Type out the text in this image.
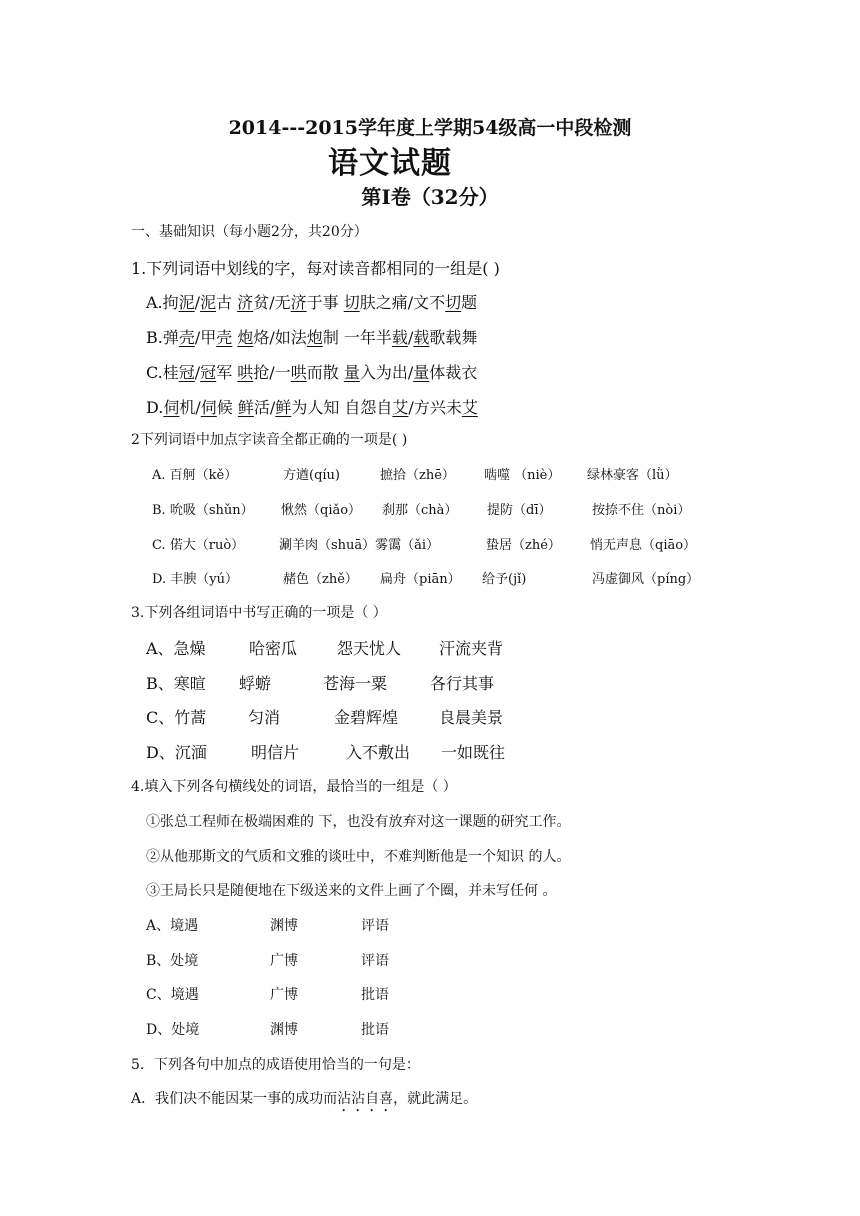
2014---2015学年度上学期54级高一中段检测
语文试题
第Ⅰ卷（32分）
一、基础知识（每小题2分，共20分）
1.下列词语中划线的字，每对读音都相同的一组是( )
A.拘泥/泥古 济贫/无济于事 切肤之痛/文不切题
B.弹壳/甲壳 炮烙/如法炮制 一年半载/载歌载舞
C.桂冠/冠军 哄抢/一哄而散 量入为出/量体裁衣
D.伺机/伺候 鲜活/鲜为人知 自怨自艾/方兴未艾
2下列词语中加点字读音全都正确的一项是( )
A. 百舸（kě）	方遒(qíu)	摭拾（zhē） 啮噬 （niè） 绿林豪客（lǜ）
B. 吮吸（shǔn） 愀然（qiǎo） 刹那（chà） 提防（dī）	按捺不住（nòi）
C. 偌大（ruò）	涮羊肉（shuā）雾霭（ǎi）	蛰居（zhé） 悄无声息（qiāo）
D. 丰腴（yú）	赭色（zhě） 扁舟（piān） 给予(jǐ)	冯虚御风（píng）
3.下列各组词语中书写正确的一项是（ ）
A、急燥	哈密瓜 怨天忧人 汗流夹背
B、寒暄 蜉蝣	苍海一粟	各行其事
C、竹蒿	匀消	金碧辉煌	良晨美景
D、沉湎	明信片	入不敷出 一如既往
4.填入下列各句横线处的词语，最恰当的一组是（ ）
①张总工程师在极端困难的 下，也没有放弃对这一课题的研究工作。
②从他那斯文的气质和文雅的谈吐中，不难判断他是一个知识 的人。
③王局长只是随便地在下级送来的文件上画了个圈，并未写任何 。
A、境遇	渊博	评语
B、处境	广博	评语
C、境遇	广博	批语
D、处境	渊博	批语
5．下列各句中加点的成语使用恰当的一句是：
A．我们决不能因某一事的成功而沾沾自喜，就此满足。
